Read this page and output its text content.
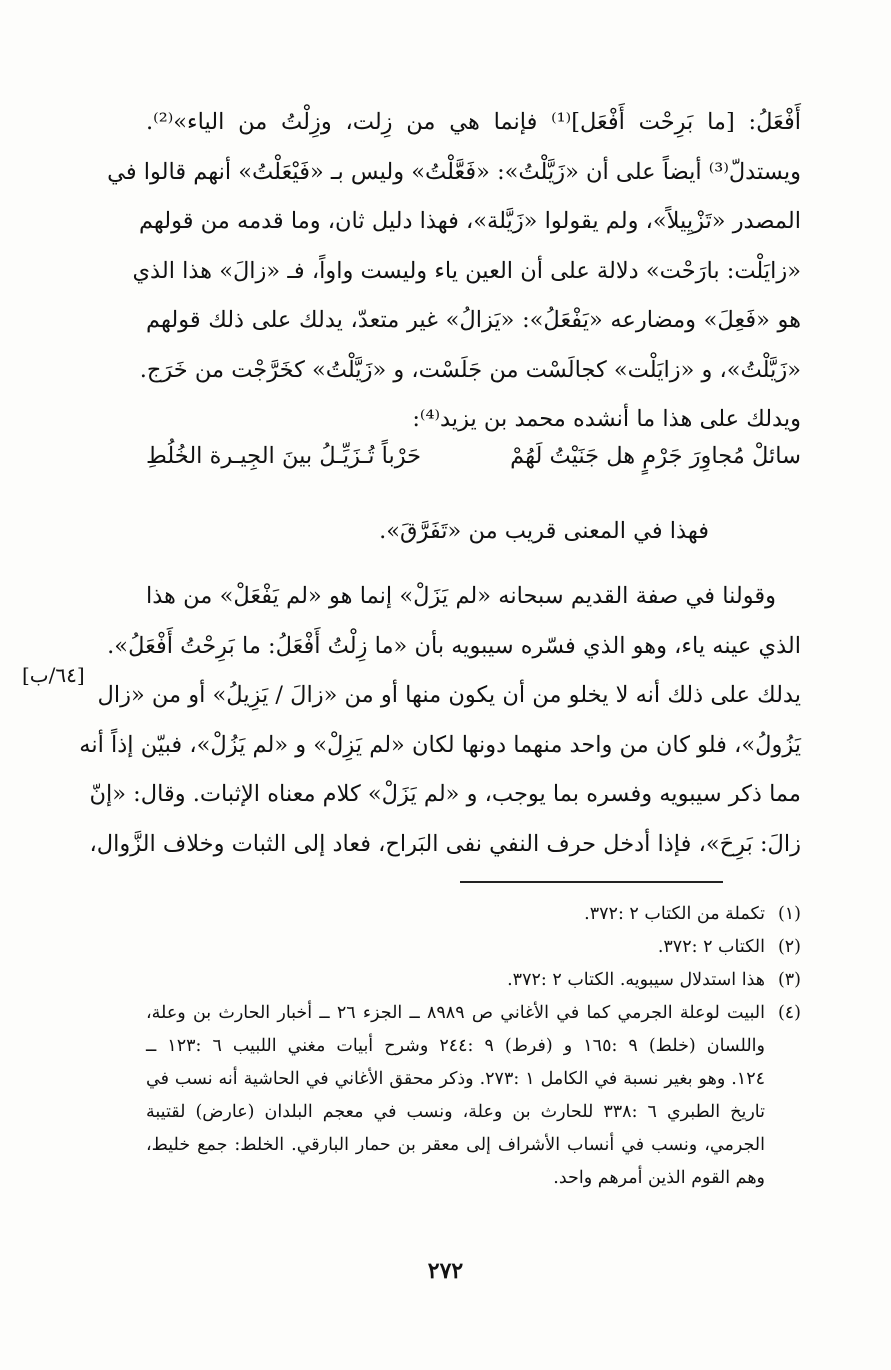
أَفْعَلُ: [ما بَرِحْت أَفْعَل]⁽¹⁾ فإنما هي من زِلت، وزِلْتُ من الياء»⁽²⁾.
ويستدلّ⁽³⁾ أيضاً على أن «زَيَّلْتُ»: «فَعَّلْتُ» وليس بـ «فَيْعَلْتُ» أنهم قالوا في
المصدر «تَزْيِيلاً»، ولم يقولوا «زَيَّلة»، فهذا دليل ثان، وما قدمه من قولهم
«زايَلْت: بارَحْت» دلالة على أن العين ياء وليست واواً، فـ «زالَ» هذا الذي
هو «فَعِلَ» ومضارعه «يَفْعَلُ»: «يَزالُ» غير متعدّ، يدلك على ذلك قولهم
«زَيَّلْتُ»، و «زايَلْت» كجالَسْت من جَلَسْت، و «زَيَّلْتُ» كخَرَّجْت من خَرَج.
ويدلك على هذا ما أنشده محمد بن يزيد⁽⁴⁾:
سائلْ مُجاوِرَ جَرْمٍ هل جَنَيْتُ لَهُمْ
حَرْباً تُـزَيِّـلُ بينَ الجِيـرة الخُلُطِ
فهذا في المعنى قريب من «تَفَرَّقَ».
وقولنا في صفة القديم سبحانه «لم يَزَلْ» إنما هو «لم يَفْعَلْ» من هذا
الذي عينه ياء، وهو الذي فسّره سيبويه بأن «ما زِلْتُ أَفْعَلُ: ما بَرِحْتُ أَفْعَلُ».
يدلك على ذلك أنه لا يخلو من أن يكون منها أو من «زالَ / يَزِيلُ» أو من «زال
يَزُولُ»، فلو كان من واحد منهما دونها لكان «لم يَزِلْ» و «لم يَزُلْ»، فبيّن إذاً أنه
مما ذكر سيبويه وفسره بما يوجب، و «لم يَزَلْ» كلام معناه الإثبات. وقال: «إنّ
زالَ: بَرِحَ»، فإذا أدخل حرف النفي نفى البَراح، فعاد إلى الثبات وخلاف الزَّوال،
[٦٤/ب]
(١)
تكملة من الكتاب ٢ :٣٧٢.
(٢)
الكتاب ٢ :٣٧٢.
(٣)
هذا استدلال سيبويه. الكتاب ٢ :٣٧٢.
(٤)
البيت لوعلة الجرمي كما في الأغاني ص ٨٩٨٩ ــ الجزء ٢٦ ــ أخبار الحارث بن وعلة،
واللسان (خلط) ٩ :١٦٥ و (فرط) ٩ :٢٤٤ وشرح أبيات مغني اللبيب ٦ :١٢٣ ــ
١٢٤. وهو بغير نسبة في الكامل ١ :٢٧٣. وذكر محقق الأغاني في الحاشية أنه نسب في
تاريخ الطبري ٦ :٣٣٨ للحارث بن وعلة، ونسب في معجم البلدان (عارض) لقتيبة
الجرمي، ونسب في أنساب الأشراف إلى معقر بن حمار البارقي. الخلط: جمع خليط،
وهم القوم الذين أمرهم واحد.
٢٧٢
